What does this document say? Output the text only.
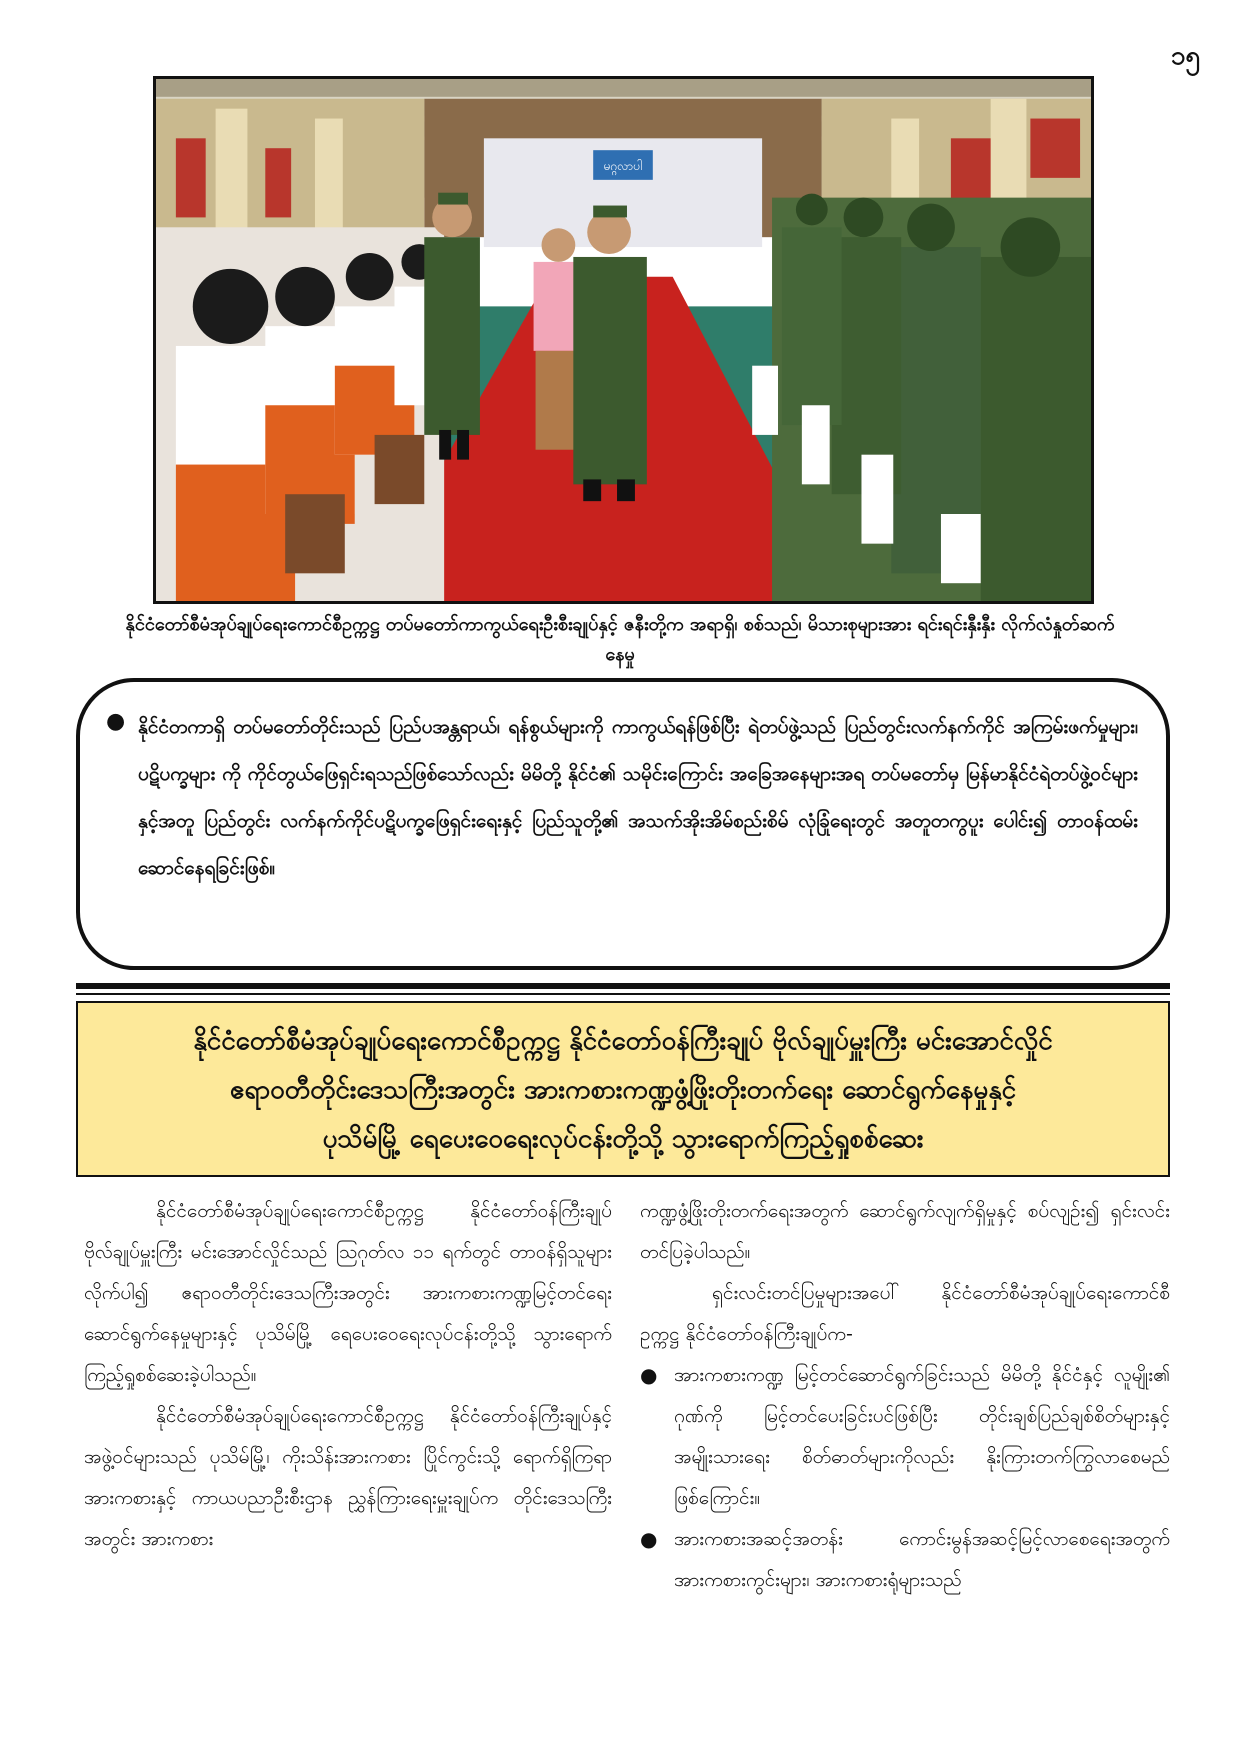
၁၅
မဂ္ဂလာပါ
နိုင်ငံတော်စီမံအုပ်ချုပ်ရေးကောင်စီဥက္ကဋ္ဌ တပ်မတော်ကာကွယ်ရေးဦးစီးချုပ်နှင့် ဇနီးတို့က အရာရှိ၊ စစ်သည်၊ မိသားစုများအား ရင်းရင်းနှီးနှီး လိုက်လံနှုတ်ဆက်နေမှု
● နိုင်ငံတကာရှိ တပ်မတော်တိုင်းသည် ပြည်ပအန္တရာယ်၊ ရန်စွယ်များကို ကာကွယ်ရန်ဖြစ်ပြီး ရဲတပ်ဖွဲ့သည် ပြည်တွင်းလက်နက်ကိုင် အကြမ်းဖက်မှုများ၊ ပဋိပက္ခများ ကို ကိုင်တွယ်ဖြေရှင်းရသည်ဖြစ်သော်လည်း မိမိတို့ နိုင်ငံ၏ သမိုင်းကြောင်း အခြေအနေများအရ တပ်မတော်မှ မြန်မာနိုင်ငံရဲတပ်ဖွဲ့ဝင်များနှင့်အတူ ပြည်တွင်း လက်နက်ကိုင်ပဋိပက္ခဖြေရှင်းရေးနှင့် ပြည်သူတို့၏ အသက်အိုးအိမ်စည်းစိမ် လုံခြုံရေးတွင် အတူတကွပူး ပေါင်း၍ တာဝန်ထမ်းဆောင်နေရခြင်းဖြစ်။
နိုင်ငံတော်စီမံအုပ်ချုပ်ရေးကောင်စီဥက္ကဋ္ဌ နိုင်ငံတော်ဝန်ကြီးချုပ် ဗိုလ်ချုပ်မှူးကြီး မင်းအောင်လှိုင်
ဧရာဝတီတိုင်းဒေသကြီးအတွင်း အားကစားကဏ္ဍဖွံ့ဖြိုးတိုးတက်ရေး ဆောင်ရွက်နေမှုနှင့်
ပုသိမ်မြို့ ရေပေးဝေရေးလုပ်ငန်းတို့သို့ သွားရောက်ကြည့်ရှုစစ်ဆေး

နိုင်ငံတော်စီမံအုပ်ချုပ်ရေးကောင်စီဥက္ကဋ္ဌ နိုင်ငံတော်ဝန်ကြီးချုပ် ဗိုလ်ချုပ်မှူးကြီး မင်းအောင်လှိုင်သည် ဩဂုတ်လ ၁၁ ရက်တွင် တာဝန်ရှိသူများ လိုက်ပါ၍ ဧရာဝတီတိုင်းဒေသကြီးအတွင်း အားကစားကဏ္ဍမြင့်တင်ရေး ဆောင်ရွက်နေမှုများနှင့် ပုသိမ်မြို့ ရေပေးဝေရေးလုပ်ငန်းတို့သို့ သွားရောက်ကြည့်ရှုစစ်ဆေးခဲ့ပါသည်။

နိုင်ငံတော်စီမံအုပ်ချုပ်ရေးကောင်စီဥက္ကဋ္ဌ နိုင်ငံတော်ဝန်ကြီးချုပ်နှင့် အဖွဲ့ဝင်များသည် ပုသိမ်မြို့၊ ကိုးသိန်းအားကစား ပြိုင်ကွင်းသို့ ရောက်ရှိကြရာ အားကစားနှင့် ကာယပညာဦးစီးဌာန ညွှန်ကြားရေးမှူးချုပ်က တိုင်းဒေသကြီးအတွင်း အားကစား

ကဏ္ဍဖွံ့ဖြိုးတိုးတက်ရေးအတွက် ဆောင်ရွက်လျက်ရှိမှုနှင့် စပ်လျဉ်း၍ ရှင်းလင်းတင်ပြခဲ့ပါသည်။

ရှင်းလင်းတင်ပြမှုများအပေါ် နိုင်ငံတော်စီမံအုပ်ချုပ်ရေးကောင်စီဥက္ကဋ္ဌ နိုင်ငံတော်ဝန်ကြီးချုပ်က-

● အားကစားကဏ္ဍ မြင့်တင်ဆောင်ရွက်ခြင်းသည် မိမိတို့ နိုင်ငံနှင့် လူမျိုး၏ ဂုဏ်ကို မြင့်တင်ပေးခြင်းပင်ဖြစ်ပြီး တိုင်းချစ်ပြည်ချစ်စိတ်များနှင့် အမျိုးသားရေး စိတ်ဓာတ်များကိုလည်း နိုးကြားတက်ကြွလာစေမည်ဖြစ်ကြောင်း။
● အားကစားအဆင့်အတန်း ကောင်းမွန်အဆင့်မြင့်လာစေရေးအတွက် အားကစားကွင်းများ၊ အားကစားရုံများသည်
